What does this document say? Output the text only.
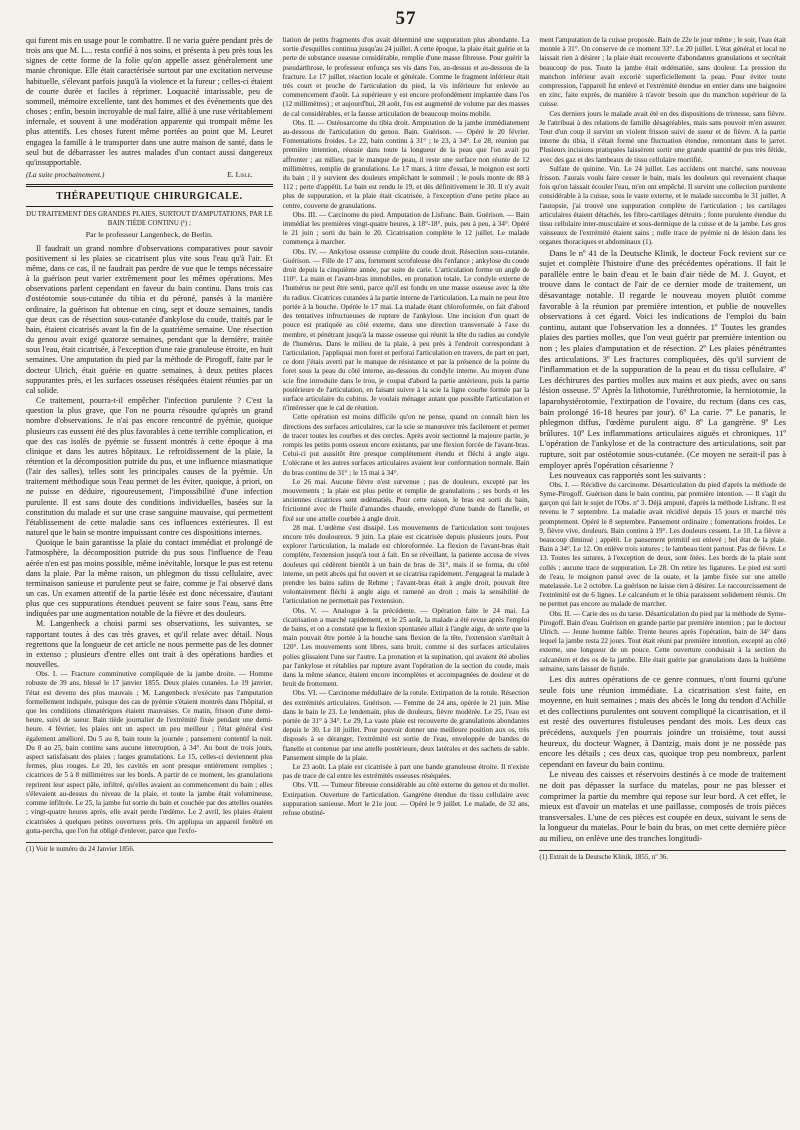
57

qui furent mis en usage pour le combattre. Il ne varia guère pendant près de trois ans que M. L... resta confié à nos soins, et présenta à peu près tous les signes de cette forme de la folie qu'on appelle assez généralement une manie chronique. Elle était caractérisée surtout par une excitation nerveuse habituelle, s'élevant parfois jusqu'à la violence et la fureur ; celles-ci étaient de courte durée et faciles à réprimer. Loquacité intarissable, peu de sommeil, mémoire excellente, tant des hommes et des événements que des choses ; enfin, besoin incroyable de mal faire, allié à une ruse véritablement infernale, et souvent à une modération apparente qui trompait même les plus attentifs. Les choses furent même portées au point que M. Leuret engagea la famille à le transporter dans une autre maison de santé, dans le seul but de débarrasser les autres malades d'un contact aussi dangereux qu'insupportable.

(La suite prochainement.)	E. Lisle.
THÉRAPEUTIQUE CHIRURGICALE.
DU TRAITEMENT DES GRANDES PLAIES, SURTOUT D'AMPUTATIONS, PAR LE BAIN TIÈDE CONTINU (¹) ;
Par le professeur Langenbeck, de Berlin.

Il faudrait un grand nombre d'observations comparatives pour savoir positivement si les plaies se cicatrisent plus vite sous l'eau qu'à l'air. Et même, dans ce cas, il ne faudrait pas perdre de vue que le temps nécessaire à la guérison peut varier extrêmement pour les mêmes opérations. Mes observations parlent cependant en faveur du bain continu. Dans trois cas d'ostéotomie sous-cutanée du tibia et du péroné, pansés à la manière ordinaire, la guérison fut obtenue en cinq, sept et douze semaines, tandis que deux cas de résection sous-cutanée d'ankylose du coude, traités par le bain, étaient cicatrisés avant la fin de la quatrième semaine. Une résection du genou avait exigé quatorze semaines, pendant que la dernière, traitée sous l'eau, était cicatrisée, à l'exception d'une raie granuleuse étroite, en huit semaines. Une amputation du pied par la méthode de Pirogoff, faite par le docteur Ulrich, était guérie en quatre semaines, à deux petites places suppurantes près, et les surfaces osseuses réséquées étaient réunies par un cal solide.

Ce traitement, pourra-t-il empêcher l'infection purulente ? C'est la question la plus grave, que l'on ne pourra résoudre qu'après un grand nombre d'observations. Je n'ai pas encore rencontré de pyémie, quoique plusieurs cas eussent été des plus favorables à cette terrible complication, et que des cas isolés de pyémie se fussent montrés à cette époque à ma clinique et dans les autres hôpitaux. Le refroidissement de la plaie, la rétention et la décomposition putride du pus, et une influence miasmatique (l'air des salles), telles sont les principales causes de la pyémie. Un traitement méthodique sous l'eau permet de les éviter, quoique, à priori, on ne puisse en déduire, rigoureusement, l'impossibilité d'une infection purulente. Il est sans doute des conditions individuelles, basées sur la constitution du malade et sur une crase sanguine mauvaise, qui permettent l'établissement de cette maladie sans ces influences extérieures. Il est naturel que le bain se montre impuissant contre ces dispositions internes.

Quoique le bain garantisse la plaie du contact immédiat et prolongé de l'atmosphère, la décomposition putride du pus sous l'influence de l'eau aérée n'en est pas moins possible, même inévitable, lorsque le pus est retenu dans la plaie. Par la même raison, un phlegmon du tissu cellulaire, avec terminaison sanieuse et purulente peut se faire, comme je l'ai observé dans un cas. Un examen attentif de la partie lésée est donc nécessaire, d'autant plus que ces suppurations étendues peuvent se faire sous l'eau, sans être indiquées par une augmentation notable de la fièvre et des douleurs.

M. Langenbeck a choisi parmi ses observations, les suivantes, se rapportant toutes à des cas très graves, et qu'il relate avec détail. Nous regrettons que la longueur de cet article ne nous permette pas de les donner in extenso ; plusieurs d'entre elles ont trait à des opérations hardies et nouvelles.

Obs. I. — Fracture comminutive compliquée de la jambe droite. — Homme robuste de 39 ans, blessé le 17 janvier 1855. Deux plaies cutanées. Le 19 janvier, l'état est devenu des plus mauvais ; M. Langenbeck n'exécute pas l'amputation formellement indiquée, puisque des cas de pyémie s'étaient montrés dans l'hôpital, et que les conditions climatériques étaient mauvaises. Ce matin, frisson d'une demi-heure, suivi de sueur. Bain tiède journalier de l'extrémité fixée pendant une demi-heure. 4 février, les plaies ont un aspect un peu meilleur ; l'état général s'est également amélioré. Du 5 au 8, bain toute la journée ; pansement contentif la nuit. Du 8 au 25, bain continu sans aucune interruption, à 34°. Au bout de trois jours, aspect satisfaisant des plaies ; larges granulations. Le 15, celles-ci deviennent plus fermes, plus rouges. Le 20, les cavités en sont presque entièrement remplies ; cicatrices de 5 à 8 millimètres sur les bords. A partir de ce moment, les granulations reprirent leur aspect pâle, infiltré, qu'elles avaient au commencement du bain ; elles s'élevaient au-dessus du niveau de la plaie, et toute la jambe était volumineuse, comme infiltrée. Le 25, la jambe fut sortie du bain et couchée par des attelles ouatées ; vingt-quatre heures après, elle avait perdu l'œdème. Le 2 avril, les plaies étaient cicatrisées à quelques petites ouvertures près. On appliqua un appareil fenêtré en gutta-percha, que l'on fut obligé d'enlever, parce que l'exfo-

(1) Voir le numéro du 24 Janvier 1856.

liation de petits fragments d'os avait déterminé une suppuration plus abondante. La sortie d'esquilles continua jusqu'au 24 juillet. A cette époque, la plaie était guérie et la perte de substance osseuse considérable, remplie d'une masse fibreuse. Pour guérir la pseudarthrose, le professeur enfonça ses vis dans l'os, au-dessus et au-dessous de la fracture. Le 17 juillet, réaction locale et générale. Comme le fragment inférieur était très court et proche de l'articulation du pied, la vis inférieure fut enlevée au commencement d'août. La supérieure y est encore profondément implantée dans l'os (12 millimètres) ; et aujourd'hui, 28 août, l'os est augmenté de volume par des masses de cal considérables, et la fausse articulation de beaucoup moins mobile.

Obs. II. — Ostéosarcome du tibia droit. Amputation de la jambe immédiatement au-dessous de l'articulation du genou. Bain. Guérison. — Opéré le 20 février. Fomentations froides. Le 22, bain continu à 31° ; le 23, à 34°. Le 28, réunion par première intention, réussie dans toute la longueur de la peau que l'on avait pu affronter ; au milieu, par le manque de peau, il reste une surface non réunie de 12 millimètres, remplie de granulations. Le 17 mars, à titre d'essai, le moignon est sorti du bain ; il y survient des douleurs empêchant le sommeil ; le pouls monte de 88 à 112 ; perte d'appétit. Le bain est rendu le 19, et dès définitivement le 30. Il n'y avait plus de suppuration, et la plaie était cicatrisée, à l'exception d'une petite place au centre, couverte de granulations.

Obs. III. — Carcinome du pied. Amputation de Lisfranc. Bain. Guérison. — Bain immédiat les premières vingt-quatre heures, à 18°-18°, puis, peu à peu, à 34°. Opéré le 21 juin ; sorti du bain le 20. Cicatrisation complète le 12 juillet. Le malade commença à marcher.

Obs. IV. — Ankylose osseuse complète du coude droit. Résection sous-cutanée. Guérison. — Fille de 17 ans, fortement scrofuleuse dès l'enfance ; ankylose du coude droit depuis la cinquième année, par suite de carie. L'articulation forme un angle de 110°. La main et l'avant-bras immobiles, en pronation totale. Le condyle externe de l'humérus ne peut être senti, parce qu'il est fondu en une masse osseuse avec la tête du radius. Cicatrices cutanées à la partie interne de l'articulation. La main ne peut être portée à la bouche. Opérée le 17 mai. La malade étant chloroformée, on fait d'abord des tentatives infructueuses de rupture de l'ankylose. Une incision d'un quart de pouce est pratiquée au côté externe, dans une direction transversale à l'axe du membre, et pénétrant jusqu'à la masse osseuse qui réunit la tête du radius au condyle de l'humérus. Dans le milieu de la plaie, à peu près à l'endroit correspondant à l'articulation, j'appliquai mon foret et perforai l'articulation en travers, de part en part, ce dont j'étais averti par le manque de résistance et par la présence de la pointe du foret sous la peau du côté interne, au-dessous du condyle interne. Au moyen d'une scie fine introduite dans le trou, je coupai d'abord la partie antérieure, puis la partie postérieure de l'articulation, en faisant suivre à la scie la ligne courbe formée par la surface articulaire du cubitus. Je voulais ménager autant que possible l'articulation et n'intéresser que le cal de réunion.

Cette opération est moins difficile qu'on ne pense, quand on connaît bien les directions des surfaces articulaires, car la scie se manœuvre très facilement et permet de tracer toutes les courbes et des cercles. Après avoir sectionné la majeure partie, je rompis les petits ponts osseux encore existants, par une flexion forcée de l'avant-bras. Celui-ci put aussitôt être presque complètement étendu et fléchi à angle aigu. L'olécrane et les autres surfaces articulaires avaient leur conformation normale. Bain du bras continu de 31° ; le 15 mai à 34°.

Le 26 mai. Aucune fièvre n'est survenue ; pas de douleurs, excepté par les mouvements ; la plaie est plus petite et remplie de granulations ; ses bords et les anciennes cicatrices sont œdématiés. Pour cette raison, le bras est sorti du bain, frictionné avec de l'huile d'amandes chaude, enveloppé d'une bande de flanelle, et fixé sur une attelle courbée à angle droit.

28 mai. L'œdème s'est dissipé. Les mouvements de l'articulation sont toujours encore très douloureux. 9 juin. La plaie est cicatrisée depuis plusieurs jours. Pour explorer l'articulation, la malade est chloroformée. La flexion de l'avant-bras était complète, l'extension jusqu'à tout à fait. En se réveillant, la patiente accusa de vives douleurs qui cédèrent bientôt à un bain de bras de 31°, mais il se forma, du côté interne, un petit abcès qui fut ouvert et se cicatrisa rapidement. J'engageai la malade à prendre les bains salins de Rehme ; l'avant-bras était à angle droit, pouvait être volontairement fléchi à angle aigu et ramené au droit ; mais la sensibilité de l'articulation ne permettait pas l'extension.

Obs. V. — Analogue à la précédente. — Opération faite le 24 mai. La cicatrisation a marché rapidement, et le 25 août, la malade a été revue après l'emploi de bains, et on a constaté que la flexion spontanée allait à l'angle aigu, de sorte que la main pouvait être portée à la bouche sans flexion de la tête, l'extension s'arrêtait à 120°. Les mouvements sont libres, sans bruit, comme si des surfaces articulaires polies glissaient l'une sur l'autre. La pronation et la supination, qui avaient été abolies par l'ankylose et rétablies par rupture avant l'opération de la section du coude, mais dans la même séance, étaient encore incomplètes et accompagnées de douleur et de bruit de frottement.

Obs. VI. — Carcinome médullaire de la rotule. Extirpation de la rotule. Résection des extrémités articulaires. Guérison. — Femme de 24 ans, opérée le 21 juin. Mise dans le bain le 23. Le lendemain, plus de douleurs, fièvre modérée. Le 25, l'eau est portée de 31° à 34°. Le 29, La vaste plaie est recouverte de granulations abondantes depuis le 30. Le 18 juillet. Pour pouvoir donner une meilleure position aux os, très disposés à se déranger, l'extrémité est sortie de l'eau, enveloppée de bandes de flanelle et contenue par une attelle postérieure, deux latérales et des sachets de sable. Pansement simple de la plaie.

Le 23 août. La plaie est cicatrisée à part une bande granuleuse étroite. Il n'existe pas de trace de cal entre les extrémités osseuses réséquées.

Obs. VII. — Tumeur fibreuse considérable au côté externe du genou et du mollet. Extirpation. Ouverture de l'articulation. Gangrène étendue du tissu cellulaire avec suppuration sanieuse. Mort le 21e jour. — Opéré le 9 juillet. Le malade, de 32 ans, refuse obstiné-

ment l'amputation de la cuisse proposée. Bain de 22e le jour même ; le soir, l'eau était montée à 31°. On conserve de ce moment 33°. Le 20 juillet. L'état général et local ne laissait rien à désirer ; la plaie était recouverte d'abondantes granulations et secrétait beaucoup de pus. Toute la jambe était œdématiée, sans douleur. La pression du manchon inférieur avait excoriè superficiellement la peau. Pour éviter toute compression, l'appareil fut enlevé et l'extrémité étendue en entier dans une baignoire en zinc, faite exprès, de manière à n'avoir besoin que du manchon supérieur de la cuisse.

Ces derniers jours le malade avait été en des dispositions de tristesse, sans fièvre. Je l'attribuai à des relations de famille désagréables, mais sans pouvoir m'en assurer. Tout d'un coup il survint un violent frisson suivi de sueur et de fièvre. A la partie interne du tibia, il s'était formé une fluctuation étendue, remontant dans le jarret. Plusieurs incisions pratiquées laissèrent sortir une grande quantité de pus très fétide, avec des gaz et des lambeaux de tissu cellulaire mortifié.

Sulfate de quinine. Vin. Le 24 juillet. Les accidens ont marché, sans nouveau frisson. J'aurais voulu faire cesser le bain, mais les douleurs qui revenaient chaque fois qu'on laissait écouler l'eau, m'en ont empêché. Il survint une collection purulente considérable à la cuisse, sous le vaste externe, et le malade succomba le 31 juillet. A l'autopsie, j'ai trouvé une suppuration complète de l'articulation ; les cartilages articulaires étaient détachés, les fibro-cartilages détruits ; fonte purulente étendue du tissu cellulaire inter-musculaire et sous-dermique de la cuisse et de la jambe. Les gros vaisseaux de l'extrémité étaient sains ; nulle trace de pyémie ni de lésion dans les organes thoraciques et abdominaux (1).

Dans le nº 41 de la Deutsche Klinik, le docteur Fock revient sur ce sujet et complète l'histoire d'une des précédentes opérations. Il fait le parallèle entre le bain d'eau et le bain d'air tiède de M. J. Guyot, et trouve dans le contact de l'air de ce dernier mode de traitement, un désavantage notable. Il regarde le nouveau moyen plutôt comme favorable à la réunion par première intention, et publie de nouvelles observations à cet égard. Voici les indications de l'emploi du bain continu, autant que l'observation les a données. 1º Toutes les grandes plaies des parties molles, que l'on veut guérir par première intention ou non ; les plaies d'amputation et de résection. 2º Les plaies pénétrantes des articulations. 3º Les fractures compliquées, dès qu'il survient de l'inflammation et de la suppuration de la peau et du tissu cellulaire. 4º Les déchirures des parties molles aux mains et aux pieds, avec ou sans lésion osseuse. 5º Après la lithotomie, l'uréthrotomie, la herniotomie, la laparohystérotomie, l'extirpation de l'ovaire, du rectum (dans ces cas, bain prolongé 16-18 heures par jour). 6º La carie. 7º Le panaris, le phlegmon diffus, l'œdème purulent aigu. 8º La gangrène. 9º Les brûlures. 10º Les inflammations articulaires aiguës et chroniques. 11º L'opération de l'ankylose et de la contracture des articulations, soit par rupture, soit par ostéotomie sous-cutanée. (Ce moyen ne serait-il pas à employer après l'opération césarienne ?

Les nouveaux cas rapportés sont les suivants :

Obs. I. — Récidive du carcinome. Désarticulation du pied d'après la méthode de Syme-Pirogoff. Guérison dans le bain continu, par première intention. — Il s'agit du garçon qui fait le sujet de l'Obs. nº 3. Déjà amputé, d'après la méthode Lisfranc. Il est revenu le 7 septembre. La maladie avait récidivé depuis 15 jours et marché très promptement. Opéré le 8 septembre. Pansement ordinaire ; fomentations froides. Le 9, fièvre vive, douleurs. Bain continu à 19°. Les douleurs cessent. Le 10. La fièvre a beaucoup diminué ; appétit. Le pansement primitif est enlevé ; bel état de la plaie. Bain à 34°. Le 12. On enlève trois sutures ; le lambeau tient partout. Pas de fièvre. Le 13. Toutes les sutures, à l'exception de deux, sont ôtées. Les bords de la plaie sont collés ; aucune trace de suppuration. Le 28. On retire les ligatures. Le pied est sorti de l'eau, le moignon pansé avec de la ouate, et la jambe fixée sur une attelle matelassée. Le 2 octobre. La guérison ne laisse rien à désirer. Le raccourcissement de l'extrémité est de 6 lignes. Le calcanéum et le tibia paraissent solidement réunis. On ne permet pas encore au malade de marcher.

Obs. II. — Carie des os du tarse. Désarticulation du pied par la méthode de Syme-Pirogoff. Bain d'eau. Guérison en grande partie par première intention ; par le docteur Ulrich. — Jeune homme faible. Trente heures après l'opération, bain de 34° dans lequel la jambe resta 22 jours. Tout était réuni par première intention, excepté au côté externe, une longueur de un pouce. Cette ouverture conduisait à la section du calcanéum et des os de la jambe. Elle était guérie par granulations dans la huitième semaine, sans laisser de fistule.

Les dix autres opérations de ce genre connues, n'ont fourni qu'une seule fois une réunion immédiate. La cicatrisation s'est faite, en moyenne, en huit semaines ; mais des abcès le long du tendon d'Achille et des collections purulentes ont souvent compliqué la cicatrisation, et il est resté des ouvertures fistuleuses pendant des mois. Les deux cas précédens, auxquels j'en pourrais joindre un troisième, tout aussi heureux, du docteur Wagner, à Dantzig, mais dont je ne possède pas encore les détails ; ces deux cas, quoique trop peu nombreux, parlent cependant en faveur du bain continu.

Le niveau des caisses et réservoirs destinés à ce mode de traitement ne doit pas dépasser la surface du matelas, pour ne pas blesser et comprimer la partie du membre qui repose sur leur bord. A cet effet, le mieux est d'avoir un matelas et une paillasse, composés de trois pièces transversales. L'une de ces pièces est coupée en deux, suivant le sens de la longueur du matelas. Pour le bain du bras, on met cette dernière pièce au milieu, on enlève une des tranches longitudi-

(1) Extrait de la Deutsche Klinik, 1855, nº 36.
